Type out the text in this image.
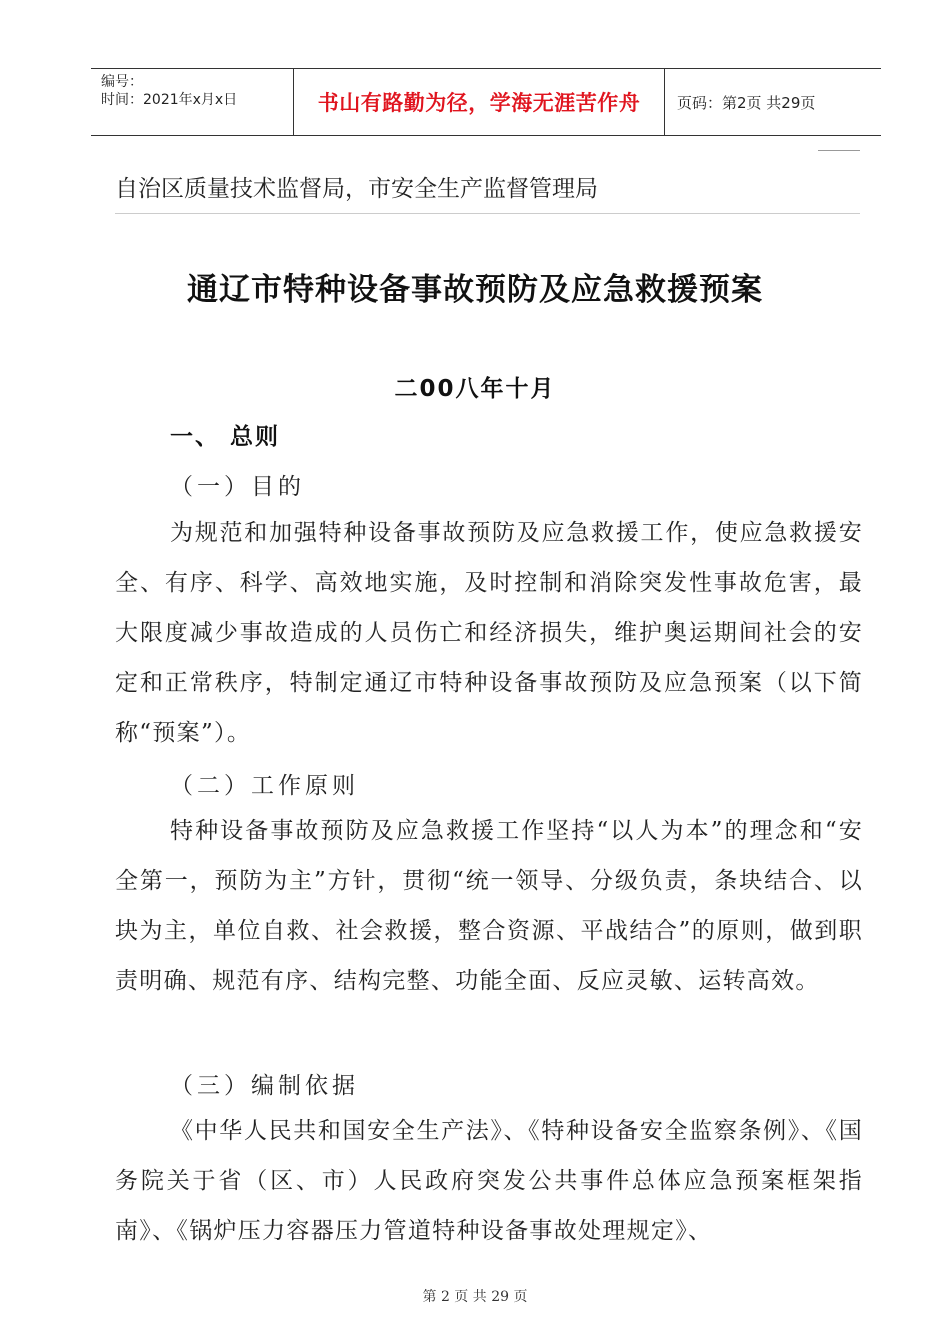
编号：
时间：2021年x月x日	书山有路勤为径，学海无涯苦作舟	页码：第2页 共29页
自治区质量技术监督局，市安全生产监督管理局
通辽市特种设备事故预防及应急救援预案
二00八年十月
一、 总则
（一）目的
为规范和加强特种设备事故预防及应急救援工作，使应急救援安全、有序、科学、高效地实施，及时控制和消除突发性事故危害，最大限度减少事故造成的人员伤亡和经济损失，维护奥运期间社会的安定和正常秩序，特制定通辽市特种设备事故预防及应急预案（以下简称“预案”）。
（二）工作原则
特种设备事故预防及应急救援工作坚持“以人为本”的理念和“安全第一，预防为主”方针，贯彻“统一领导、分级负责，条块结合、以块为主，单位自救、社会救援，整合资源、平战结合”的原则，做到职责明确、规范有序、结构完整、功能全面、反应灵敏、运转高效。
（三）编制依据
《中华人民共和国安全生产法》、《特种设备安全监察条例》、《国务院关于省（区、市）人民政府突发公共事件总体应急预案框架指南》、《锅炉压力容器压力管道特种设备事故处理规定》、
第 2 页 共 29 页
